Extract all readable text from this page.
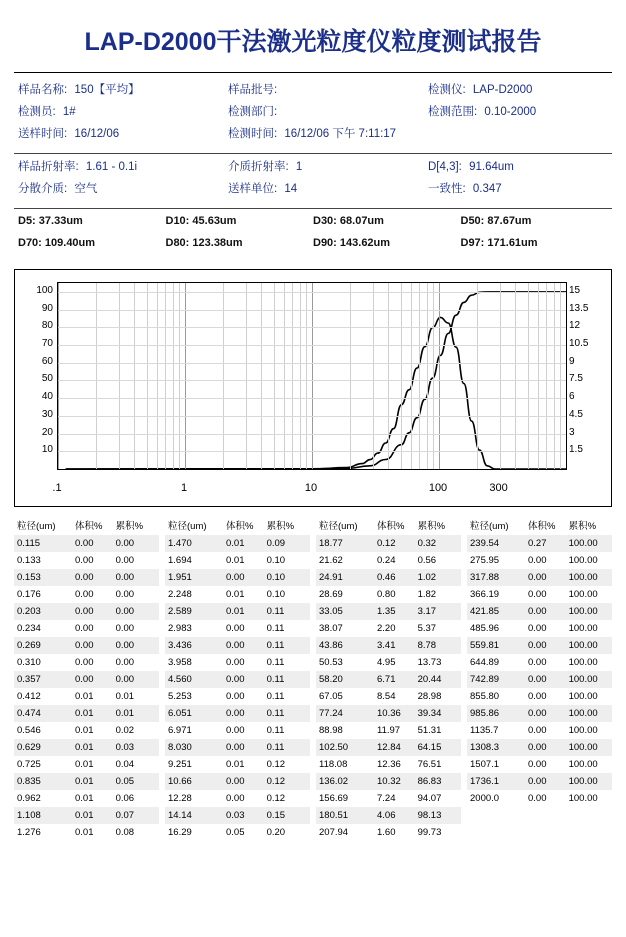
LAP-D2000干法激光粒度仪粒度测试报告
样品名称: 150【平均】	样品批号:	检测仪: LAP-D2000
检测员: 1#	检测部门:	检测范围: 0.10-2000
送样时间: 16/12/06	检测时间: 16/12/06 下午 7:11:17
样品折射率: 1.61 - 0.1i	介质折射率: 1	D[4,3]: 91.64um
分散介质: 空气	送样单位: 14	一致性: 0.347
D5: 37.33um	D10: 45.63um	D30: 68.07um	D50: 87.67um
D70: 109.40um	D80: 123.38um	D90: 143.62um	D97: 171.61um
10
20
30
40
50
60
70
80
90
100
1.5
3
4.5
6
7.5
9
10.5
12
13.5
15
.1	1	10	100	300
粒径(um)	体积%	累积%
0.115	0.00	0.00
0.133	0.00	0.00
0.153	0.00	0.00
0.176	0.00	0.00
0.203	0.00	0.00
0.234	0.00	0.00
0.269	0.00	0.00
0.310	0.00	0.00
0.357	0.00	0.00
0.412	0.01	0.01
0.474	0.01	0.01
0.546	0.01	0.02
0.629	0.01	0.03
0.725	0.01	0.04
0.835	0.01	0.05
0.962	0.01	0.06
1.108	0.01	0.07
1.276	0.01	0.08
粒径(um)	体积%	累积%
1.470	0.01	0.09
1.694	0.01	0.10
1.951	0.00	0.10
2.248	0.01	0.10
2.589	0.01	0.11
2.983	0.00	0.11
3.436	0.00	0.11
3.958	0.00	0.11
4.560	0.00	0.11
5.253	0.00	0.11
6.051	0.00	0.11
6.971	0.00	0.11
8.030	0.00	0.11
9.251	0.01	0.12
10.66	0.00	0.12
12.28	0.00	0.12
14.14	0.03	0.15
16.29	0.05	0.20
粒径(um)	体积%	累积%
18.77	0.12	0.32
21.62	0.24	0.56
24.91	0.46	1.02
28.69	0.80	1.82
33.05	1.35	3.17
38.07	2.20	5.37
43.86	3.41	8.78
50.53	4.95	13.73
58.20	6.71	20.44
67.05	8.54	28.98
77.24	10.36	39.34
88.98	11.97	51.31
102.50	12.84	64.15
118.08	12.36	76.51
136.02	10.32	86.83
156.69	7.24	94.07
180.51	4.06	98.13
207.94	1.60	99.73
粒径(um)	体积%	累积%
239.54	0.27	100.00
275.95	0.00	100.00
317.88	0.00	100.00
366.19	0.00	100.00
421.85	0.00	100.00
485.96	0.00	100.00
559.81	0.00	100.00
644.89	0.00	100.00
742.89	0.00	100.00
855.80	0.00	100.00
985.86	0.00	100.00
1135.7	0.00	100.00
1308.3	0.00	100.00
1507.1	0.00	100.00
1736.1	0.00	100.00
2000.0	0.00	100.00
